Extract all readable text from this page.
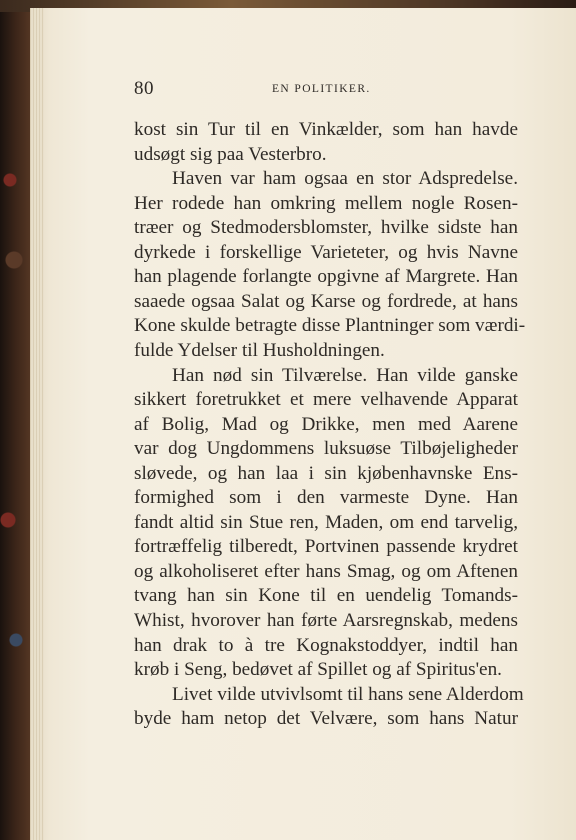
80	EN POLITIKER.
kost sin Tur til en Vinkælder, som han havde
udsøgt sig paa Vesterbro.
Haven var ham ogsaa en stor Adspredelse.
Her rodede han omkring mellem nogle Rosen-
træer og Stedmodersblomster, hvilke sidste han
dyrkede i forskellige Varieteter, og hvis Navne
han plagende forlangte opgivne af Margrete. Han
saaede ogsaa Salat og Karse og fordrede, at hans
Kone skulde betragte disse Plantninger som værdi-
fulde Ydelser til Husholdningen.
Han nød sin Tilværelse. Han vilde ganske
sikkert foretrukket et mere velhavende Apparat
af Bolig, Mad og Drikke, men med Aarene
var dog Ungdommens luksuøse Tilbøjeligheder
sløvede, og han laa i sin kjøbenhavnske Ens-
formighed som i den varmeste Dyne. Han
fandt altid sin Stue ren, Maden, om end tarvelig,
fortræffelig tilberedt, Portvinen passende krydret
og alkoholiseret efter hans Smag, og om Aftenen
tvang han sin Kone til en uendelig Tomands-
Whist, hvorover han førte Aarsregnskab, medens
han drak to à tre Kognakstoddyer, indtil han
krøb i Seng, bedøvet af Spillet og af Spiritus'en.
Livet vilde utvivlsomt til hans sene Alderdom
byde ham netop det Velvære, som hans Natur
